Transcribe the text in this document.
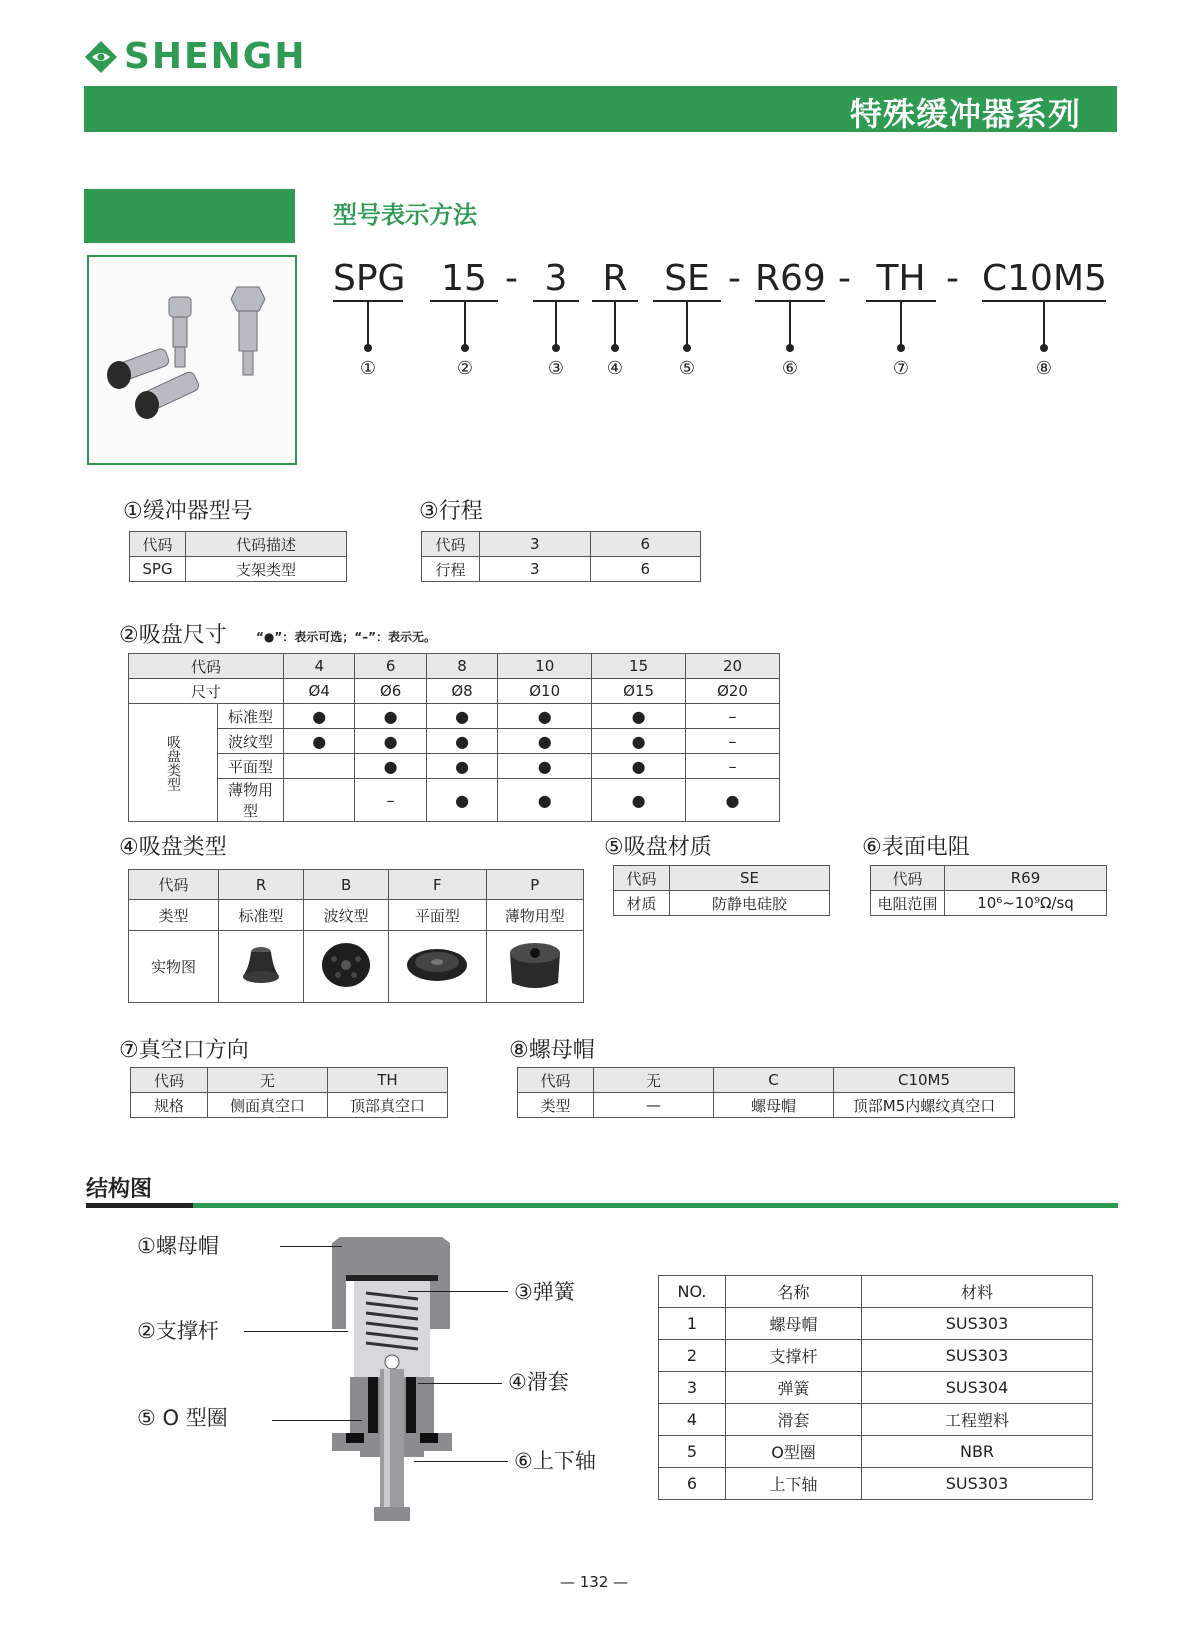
SHENGH
特殊缓冲器系列
型号表示方法
SPG
①
15
②
- 3
③
R
④
SE
⑤
- R69
⑥
- TH
⑦
- C10M5
⑧
①缓冲器型号
代码	代码描述
SPG	支架类型
③行程
代码	3	6
行程	3	6
②吸盘尺寸 “●”：表示可选；“–”：表示无。
代码		4	6	8	10	15	20
尺寸		Ø4	Ø6	Ø8	Ø10	Ø15	Ø20
吸盘类型	标准型	●	●	●	●	●	–
	波纹型	●	●	●	●	●	–
	平面型		●	●	●	●	–
	薄物用型		–	●	●	●	●
④吸盘类型
代码	R	B	F	P
类型	标准型	波纹型	平面型	薄物用型
实物图				
⑤吸盘材质
代码	SE
材质	防静电硅胶
⑥表面电阻
代码	R69
电阻范围	10⁶~10⁹Ω/sq
⑦真空口方向
代码	无	TH
规格	侧面真空口	顶部真空口
⑧螺母帽
代码	无	C	C10M5
类型	—	螺母帽	顶部M5内螺纹真空口
结构图
①螺母帽
②支撑杆
⑤ O 型圈
③弹簧
④滑套
⑥上下轴
NO.	名称	材料
1	螺母帽	SUS303
2	支撑杆	SUS303
3	弹簧	SUS304
4	滑套	工程塑料
5	O型圈	NBR
6	上下轴	SUS303
— 132 —
